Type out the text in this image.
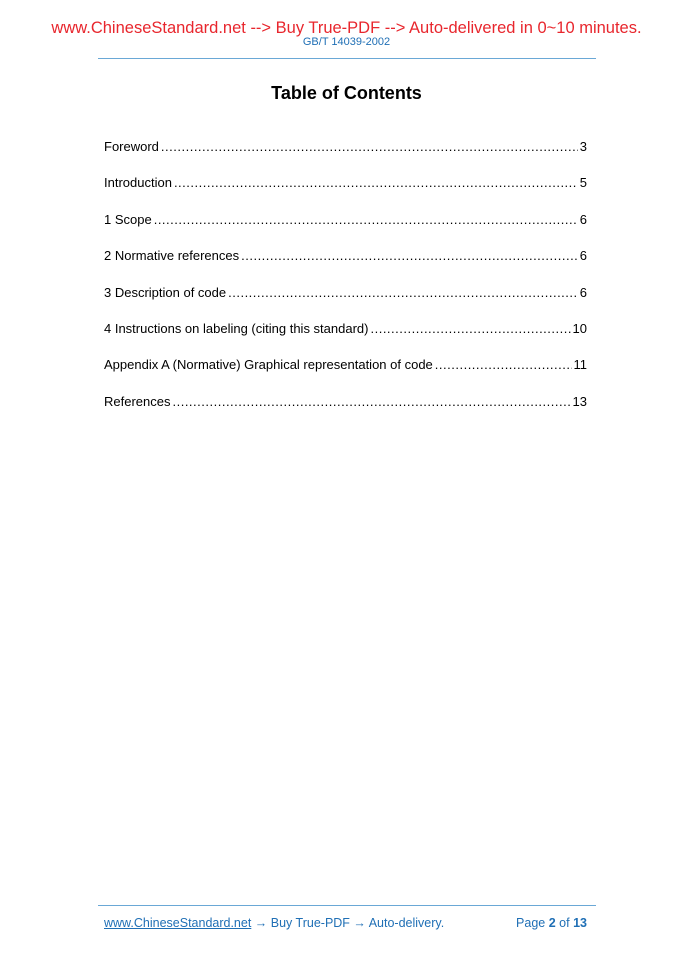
www.ChineseStandard.net --> Buy True-PDF --> Auto-delivered in 0~10 minutes.
GB/T 14039-2002
Table of Contents
Foreword .....	3
Introduction .....	5
1 Scope .....	6
2 Normative references .....	6
3 Description of code .....	6
4 Instructions on labeling (citing this standard) .....	10
Appendix A (Normative) Graphical representation of code .....	11
References .....	13
www.ChineseStandard.net → Buy True-PDF → Auto-delivery.	Page 2 of 13
